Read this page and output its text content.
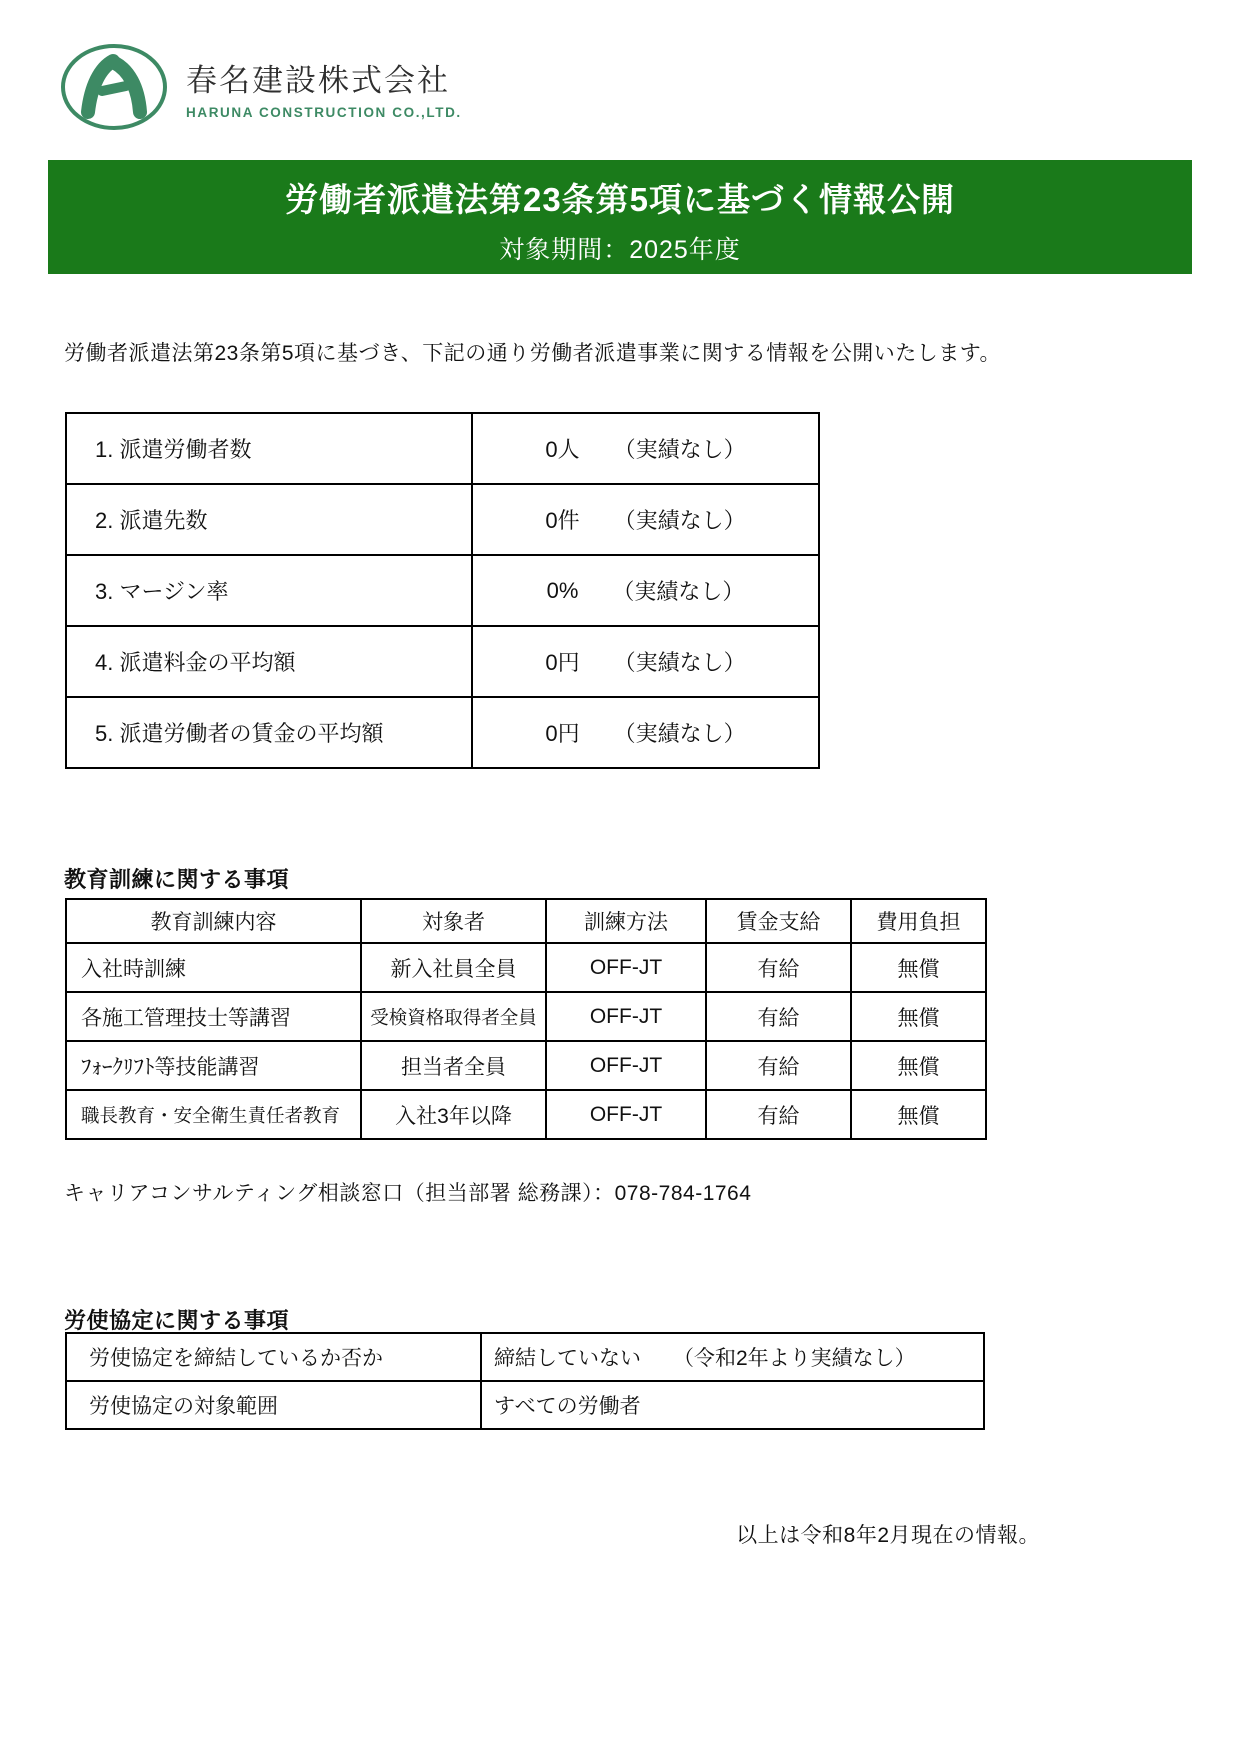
春名建設株式会社
HARUNA CONSTRUCTION CO.,LTD.
労働者派遣法第23条第5項に基づく情報公開
対象期間：2025年度

労働者派遣法第23条第5項に基づき、下記の通り労働者派遣事業に関する情報を公開いたします。

1. 派遣労働者数	0人 （実績なし）

2. 派遣先数	0件 （実績なし）

3. マージン率	0% （実績なし）

4. 派遣料金の平均額	0円 （実績なし）

5. 派遣労働者の賃金の平均額	0円 （実績なし）
教育訓練に関する事項
教育訓練内容	対象者	訓練方法	賃金支給	費用負担
入社時訓練	新入社員全員	OFF-JT	有給	無償
各施工管理技士等講習	受検資格取得者全員	OFF-JT	有給	無償
ﾌｫｰｸﾘﾌﾄ等技能講習	担当者全員	OFF-JT	有給	無償
職長教育・安全衛生責任者教育	入社3年以降	OFF-JT	有給	無償

キャリアコンサルティング相談窓口（担当部署 総務課）：078-784-1764

労使協定に関する事項
労使協定を締結しているか否か	締結していない （令和2年より実績なし）

労使協定の対象範囲	すべての労働者

以上は令和8年2月現在の情報。
